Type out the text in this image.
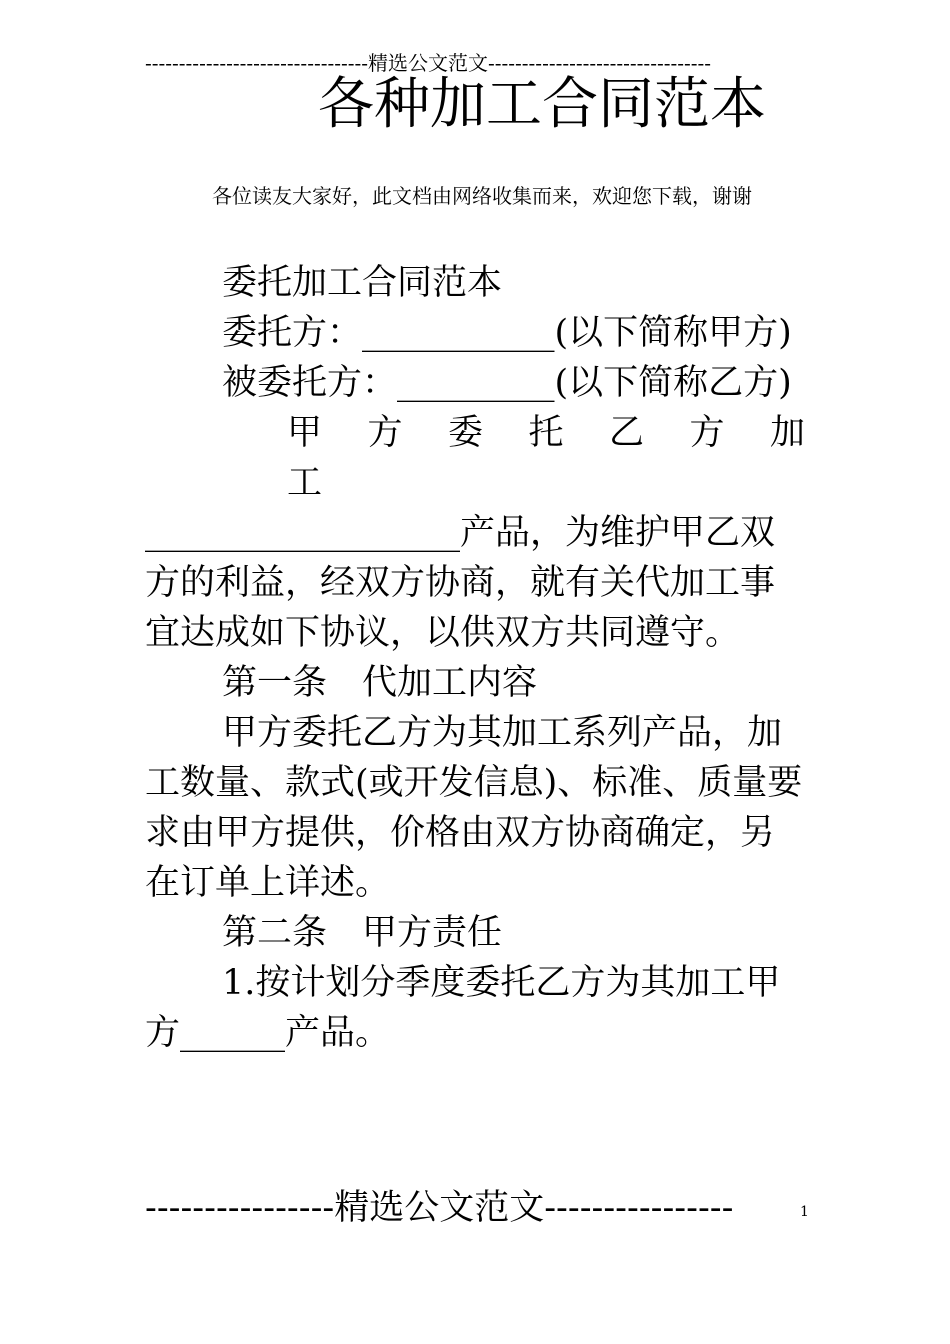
---------------------------------精选公文范文---------------------------------
各种加工合同范本
各位读友大家好，此文档由网络收集而来，欢迎您下载，谢谢

委托加工合同范本

委托方：___________(以下简称甲方)

被委托方：_________(以下简称乙方)

甲　方　委　托　乙　方　加　工

__________________产品，为维护甲乙双方的利益，经双方协商，就有关代加工事宜达成如下协议，以供双方共同遵守。

第一条　代加工内容

甲方委托乙方为其加工系列产品，加工数量、款式(或开发信息)、标准、质量要求由甲方提供，价格由双方协商确定，另在订单上详述。

第二条　甲方责任

1.按计划分季度委托乙方为其加工甲方______产品。

----------------精选公文范文----------------	1
